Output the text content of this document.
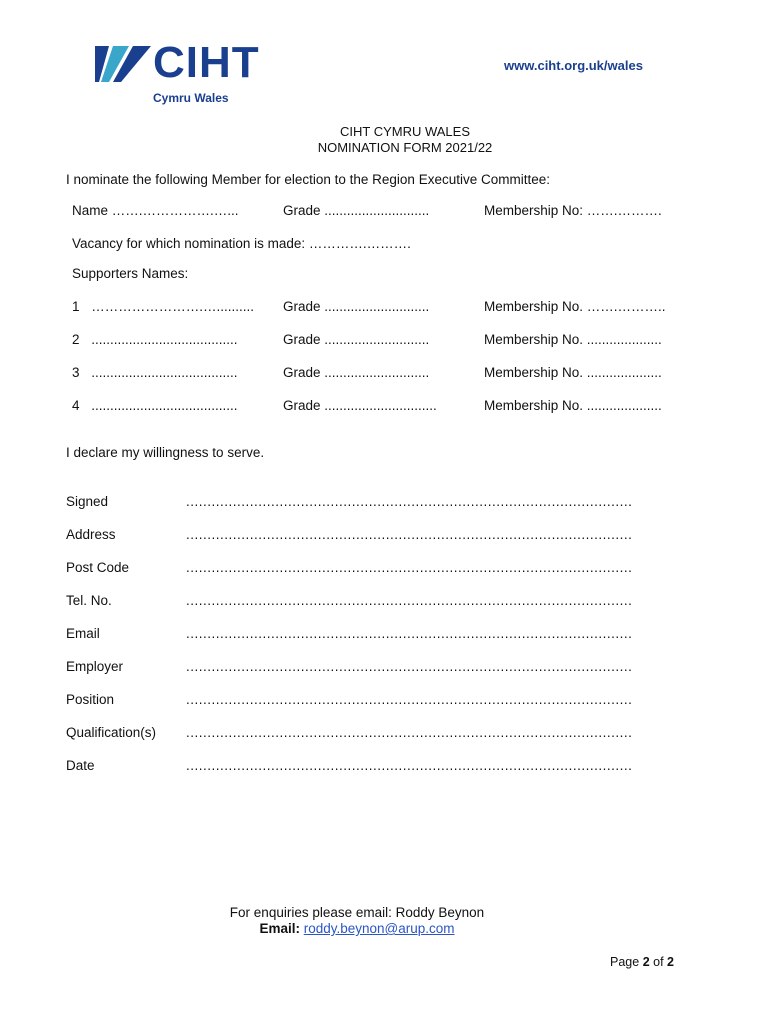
CIHT
Cymru Wales
www.ciht.org.uk/wales
CIHT CYMRU WALES
NOMINATION FORM 2021/22
I nominate the following Member for election to the Region Executive Committee:
Name …….…………….…...	Grade ............................	Membership No: …….……….
Vacancy for which nomination is made: ………….……….
Supporters Names:
1 …………………….….......... Grade ............................	Membership No. …….………..
2 .......................................	Grade ............................	Membership No. ....................
3 .......................................	Grade ............................	Membership No. ....................
4 .......................................	Grade ..............................	Membership No. ....................
I declare my willingness to serve.
Signed	.........................................................................................................
Address	.........................................................................................................
Post Code	.........................................................................................................
Tel. No.	.........................................................................................................
Email	.........................................................................................................
Employer	.........................................................................................................
Position	.........................................................................................................
Qualification(s) .........................................................................................................
Date	.........................................................................................................
For enquiries please email: Roddy Beynon
Email: roddy.beynon@arup.com
Page 2 of 2
